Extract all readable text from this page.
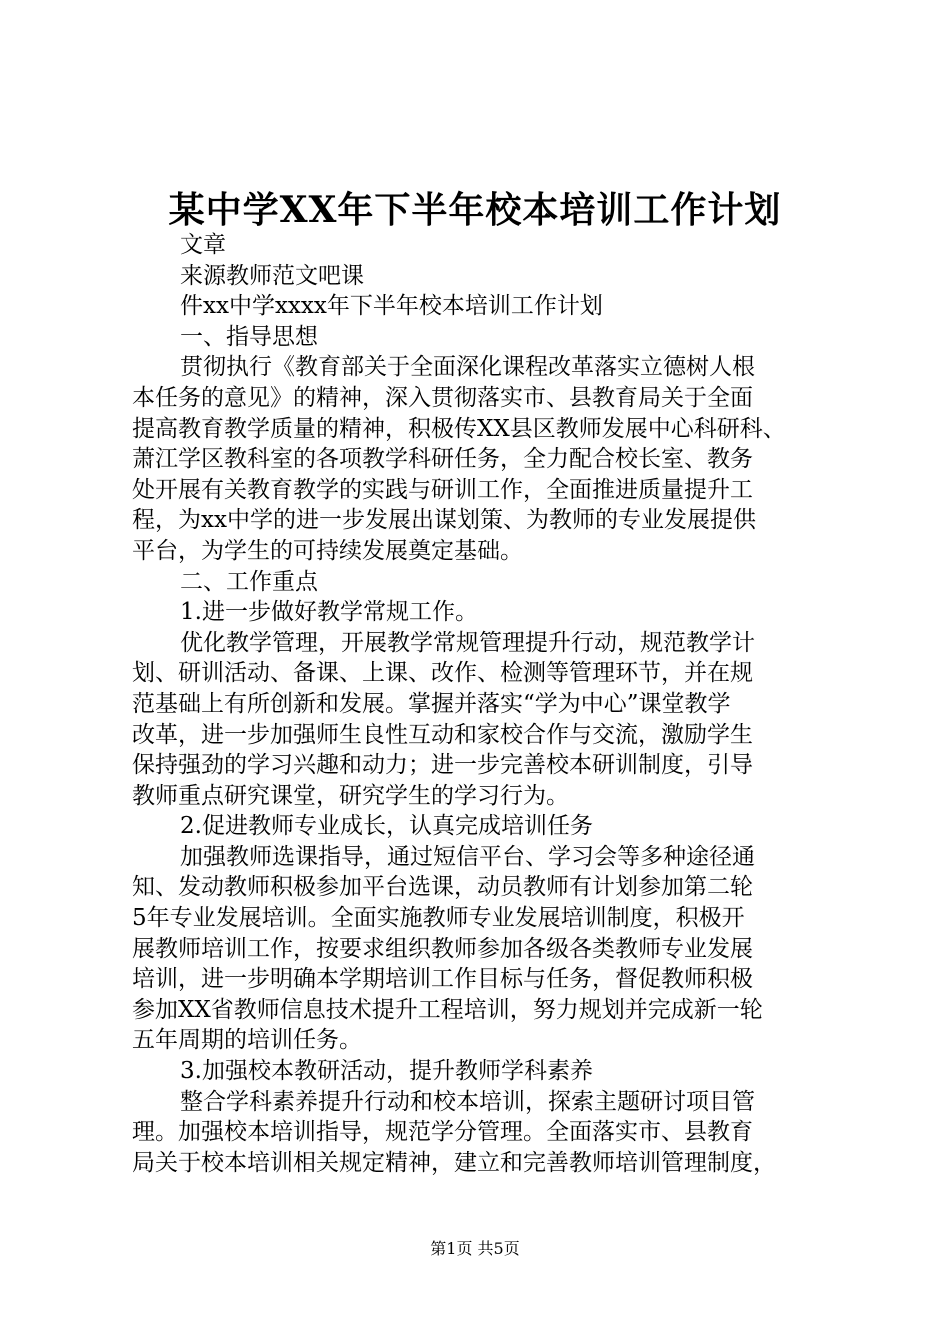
某中学XX年下半年校本培训工作计划
文章
来源教师范文吧课
件xx中学xxxx年下半年校本培训工作计划
一、指导思想
贯彻执行《教育部关于全面深化课程改革落实立德树人根
本任务的意见》的精神，深入贯彻落实市、县教育局关于全面
提高教育教学质量的精神，积极传XX县区教师发展中心科研科、
萧江学区教科室的各项教学科研任务，全力配合校长室、教务
处开展有关教育教学的实践与研训工作，全面推进质量提升工
程，为xx中学的进一步发展出谋划策、为教师的专业发展提供
平台，为学生的可持续发展奠定基础。
二、工作重点
1.进一步做好教学常规工作。
优化教学管理，开展教学常规管理提升行动，规范教学计
划、研训活动、备课、上课、改作、检测等管理环节，并在规
范基础上有所创新和发展。掌握并落实“学为中心”课堂教学
改革，进一步加强师生良性互动和家校合作与交流，激励学生
保持强劲的学习兴趣和动力；进一步完善校本研训制度，引导
教师重点研究课堂，研究学生的学习行为。
2.促进教师专业成长，认真完成培训任务
加强教师选课指导，通过短信平台、学习会等多种途径通
知、发动教师积极参加平台选课，动员教师有计划参加第二轮
5年专业发展培训。全面实施教师专业发展培训制度，积极开
展教师培训工作，按要求组织教师参加各级各类教师专业发展
培训，进一步明确本学期培训工作目标与任务，督促教师积极
参加XX省教师信息技术提升工程培训，努力规划并完成新一轮
五年周期的培训任务。
3.加强校本教研活动，提升教师学科素养
整合学科素养提升行动和校本培训，探索主题研讨项目管
理。加强校本培训指导，规范学分管理。全面落实市、县教育
局关于校本培训相关规定精神，建立和完善教师培训管理制度，
第1页 共5页
